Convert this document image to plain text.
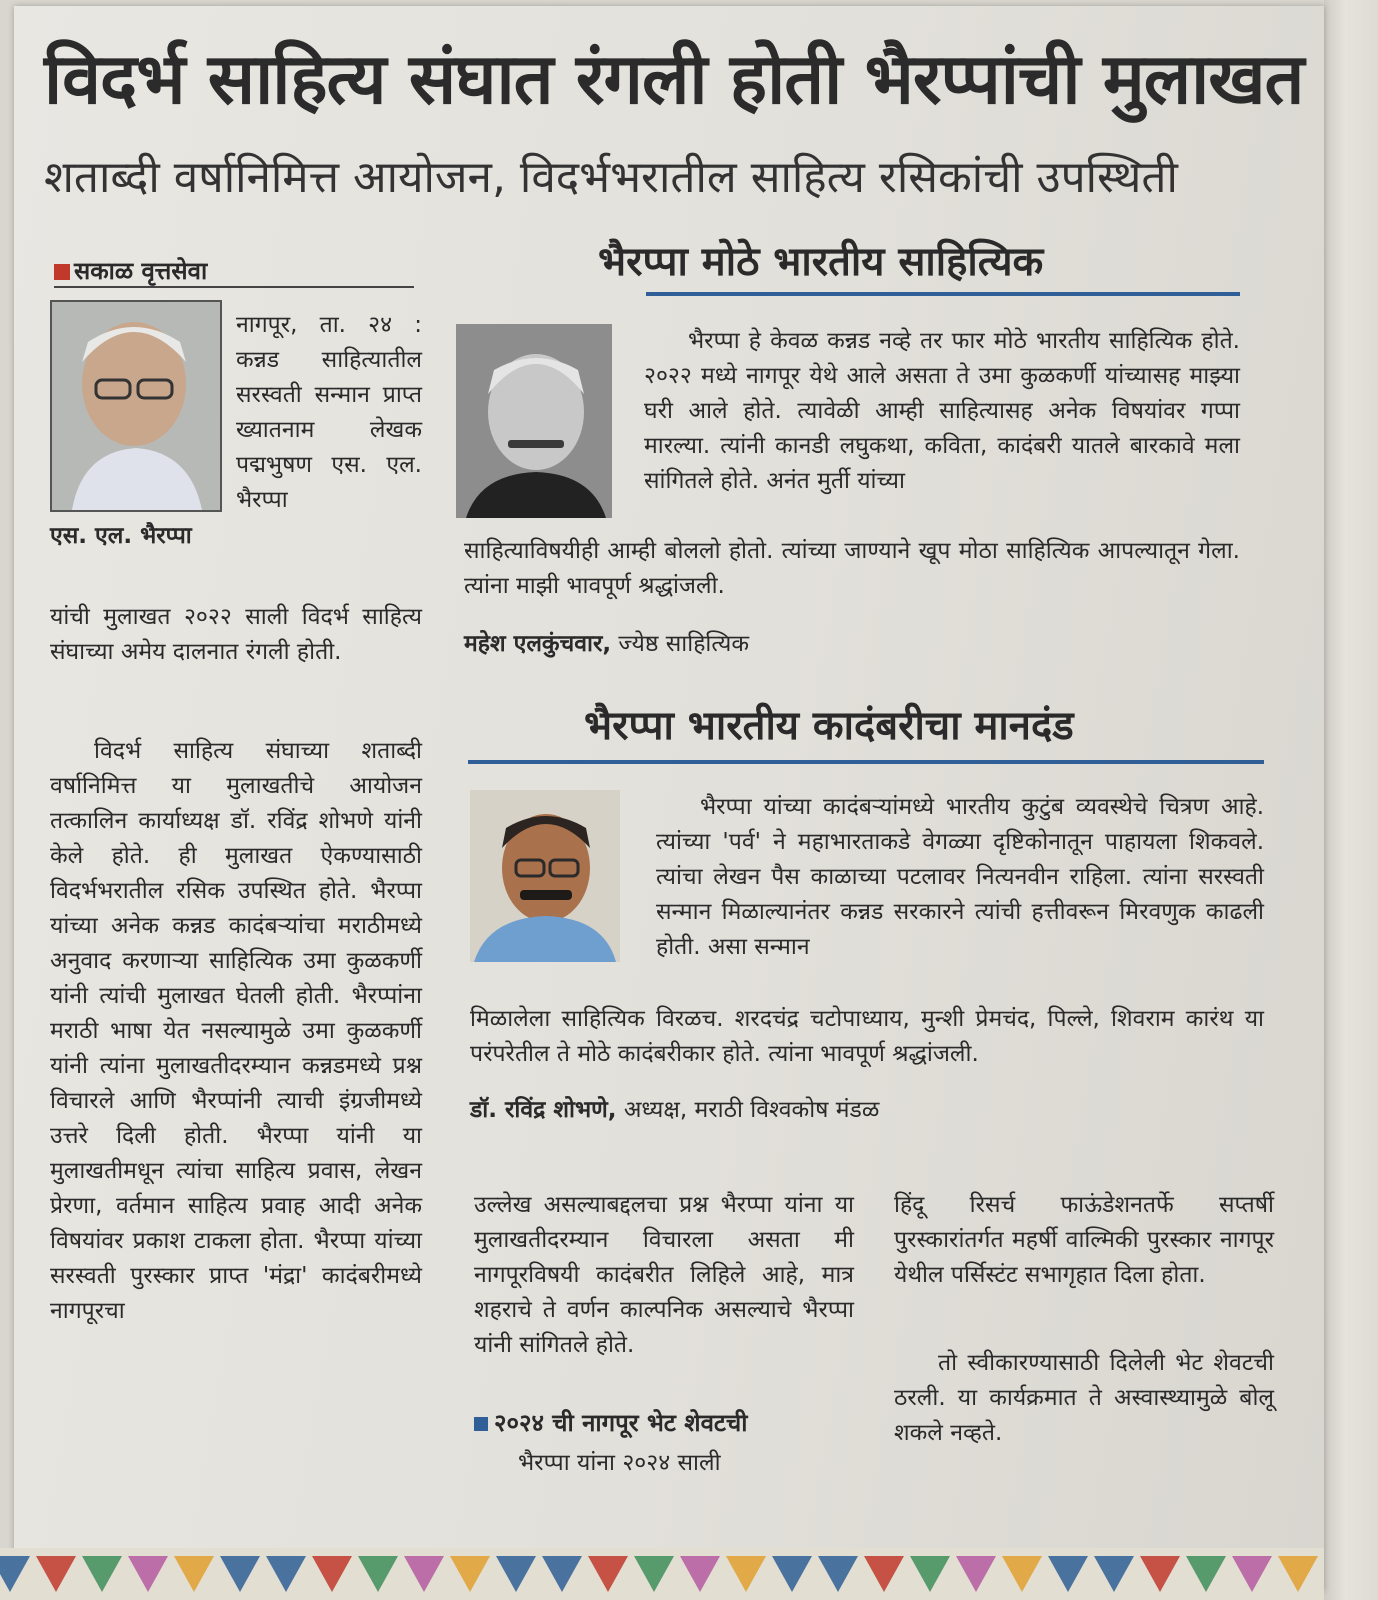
विदर्भ साहित्य संघात रंगली होती भैरप्पांची मुलाखत
शताब्दी वर्षानिमित्त आयोजन, विदर्भभरातील साहित्य रसिकांची उपस्थिती
सकाळ वृत्तसेवा
एस. एल. भैरप्पा

नागपूर, ता. २४ : कन्नड साहित्यातील सरस्वती सन्मान प्राप्त ख्यातनाम लेखक पद्मभुषण एस. एल. भैरप्पा

यांची मुलाखत २०२२ साली विदर्भ साहित्य संघाच्या अमेय दालनात रंगली होती.

विदर्भ साहित्य संघाच्या शताब्दी वर्षानिमित्त या मुलाखतीचे आयोजन तत्कालिन कार्याध्यक्ष डॉ. रविंद्र शोभणे यांनी केले होते. ही मुलाखत ऐकण्यासाठी विदर्भभरातील रसिक उपस्थित होते. भैरप्पा यांच्या अनेक कन्नड कादंबऱ्यांचा मराठीमध्ये अनुवाद करणाऱ्या साहित्यिक उमा कुळकर्णी यांनी त्यांची मुलाखत घेतली होती. भैरप्पांना मराठी भाषा येत नसल्यामुळे उमा कुळकर्णी यांनी त्यांना मुलाखतीदरम्यान कन्नडमध्ये प्रश्न विचारले आणि भैरप्पांनी त्याची इंग्रजीमध्ये उत्तरे दिली होती. भैरप्पा यांनी या मुलाखतीमधून त्यांचा साहित्य प्रवास, लेखन प्रेरणा, वर्तमान साहित्य प्रवाह आदी अनेक विषयांवर प्रकाश टाकला होता. भैरप्पा यांच्या सरस्वती पुरस्कार प्राप्त 'मंद्रा' कादंबरीमध्ये नागपूरचा

भैरप्पा मोठे भारतीय साहित्यिक

भैरप्पा हे केवळ कन्नड नव्हे तर फार मोठे भारतीय साहित्यिक होते. २०२२ मध्ये नागपूर येथे आले असता ते उमा कुळकर्णी यांच्यासह माझ्या घरी आले होते. त्यावेळी आम्ही साहित्यासह अनेक विषयांवर गप्पा मारल्या. त्यांनी कानडी लघुकथा, कविता, कादंबरी यातले बारकावे मला सांगितले होते. अनंत मुर्ती यांच्या

साहित्याविषयीही आम्ही बोललो होतो. त्यांच्या जाण्याने खूप मोठा साहित्यिक आपल्यातून गेला. त्यांना माझी भावपूर्ण श्रद्धांजली.

महेश एलकुंचवार, ज्येष्ठ साहित्यिक
भैरप्पा भारतीय कादंबरीचा मानदंड

भैरप्पा यांच्या कादंबऱ्यांमध्ये भारतीय कुटुंब व्यवस्थेचे चित्रण आहे. त्यांच्या 'पर्व' ने महाभारताकडे वेगळ्या दृष्टिकोनातून पाहायला शिकवले. त्यांचा लेखन पैस काळाच्या पटलावर नित्यनवीन राहिला. त्यांना सरस्वती सन्मान मिळाल्यानंतर कन्नड सरकारने त्यांची हत्तीवरून मिरवणुक काढली होती. असा सन्मान

मिळालेला साहित्यिक विरळच. शरदचंद्र चटोपाध्याय, मुन्शी प्रेमचंद, पिल्ले, शिवराम कारंथ या परंपरेतील ते मोठे कादंबरीकार होते. त्यांना भावपूर्ण श्रद्धांजली.

डॉ. रविंद्र शोभणे, अध्यक्ष, मराठी विश्वकोष मंडळ

उल्लेख असल्याबद्दलचा प्रश्न भैरप्पा यांना या मुलाखतीदरम्यान विचारला असता मी नागपूरविषयी कादंबरीत लिहिले आहे, मात्र शहराचे ते वर्णन काल्पनिक असल्याचे भैरप्पा यांनी सांगितले होते.

२०२४ ची नागपूर भेट शेवटची

भैरप्पा यांना २०२४ साली

हिंदू रिसर्च फाऊंडेशनतर्फे सप्तर्षी पुरस्कारांतर्गत महर्षी वाल्मिकी पुरस्कार नागपूर येथील पर्सिस्टंट सभागृहात दिला होता.

तो स्वीकारण्यासाठी दिलेली भेट शेवटची ठरली. या कार्यक्रमात ते अस्वास्थ्यामुळे बोलू शकले नव्हते.
